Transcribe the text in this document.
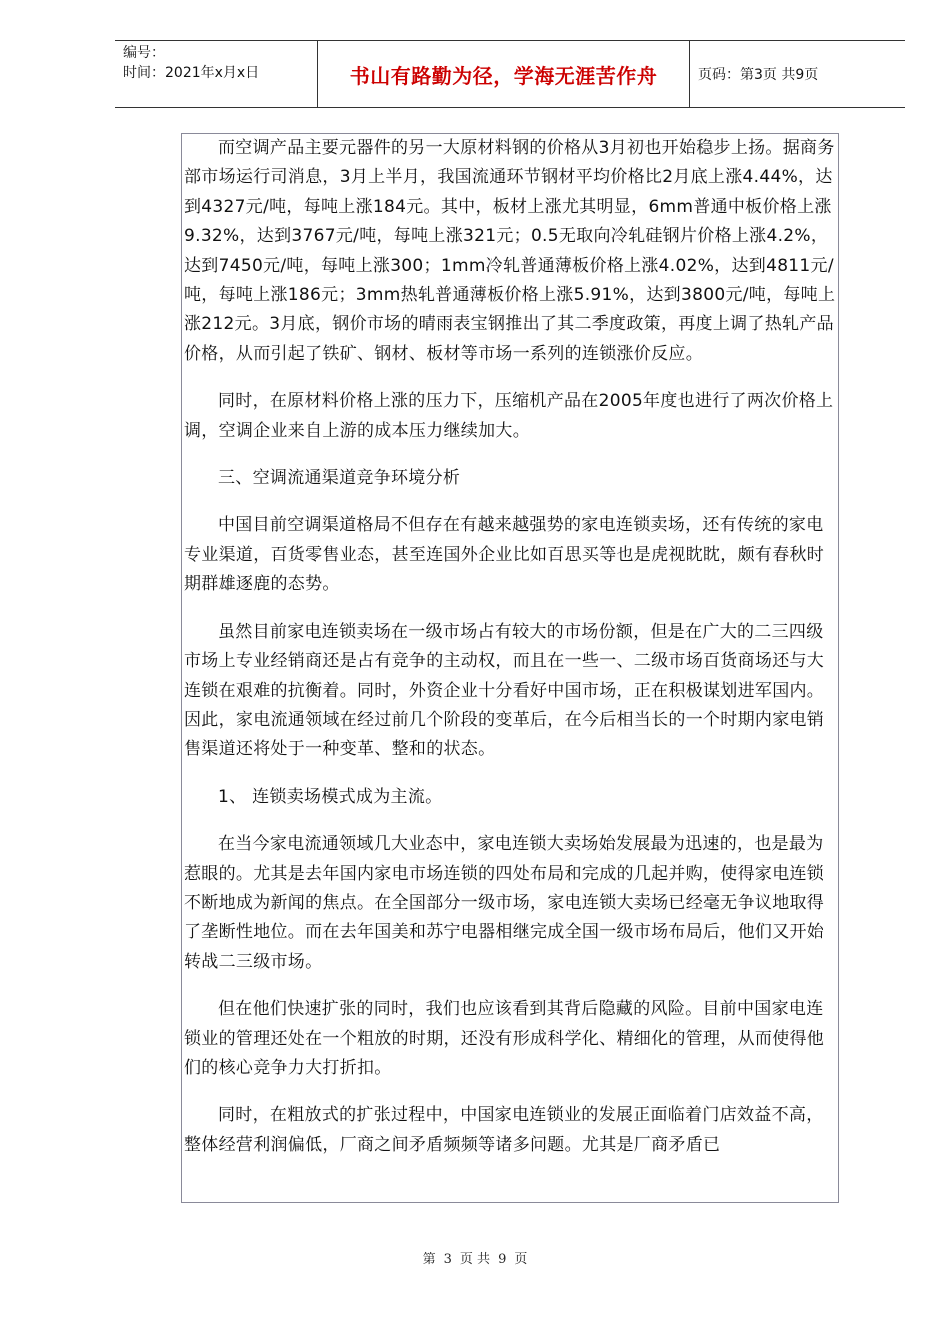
编号：
时间：2021年x月x日	书山有路勤为径，学海无涯苦作舟	页码：第3页 共9页

而空调产品主要元器件的另一大原材料钢的价格从3月初也开始稳步上扬。据商务部市场运行司消息，3月上半月，我国流通环节钢材平均价格比2月底上涨4.44%，达到4327元/吨，每吨上涨184元。其中，板材上涨尤其明显，6mm普通中板价格上涨9.32%，达到3767元/吨，每吨上涨321元；0.5无取向冷轧硅钢片价格上涨4.2%，达到7450元/吨，每吨上涨300；1mm冷轧普通薄板价格上涨4.02%，达到4811元/吨，每吨上涨186元；3mm热轧普通薄板价格上涨5.91%，达到3800元/吨，每吨上涨212元。3月底，钢价市场的晴雨表宝钢推出了其二季度政策，再度上调了热轧产品价格，从而引起了铁矿、钢材、板材等市场一系列的连锁涨价反应。

同时，在原材料价格上涨的压力下，压缩机产品在2005年度也进行了两次价格上调，空调企业来自上游的成本压力继续加大。

三、空调流通渠道竞争环境分析

中国目前空调渠道格局不但存在有越来越强势的家电连锁卖场，还有传统的家电专业渠道，百货零售业态，甚至连国外企业比如百思买等也是虎视眈眈，颇有春秋时期群雄逐鹿的态势。

虽然目前家电连锁卖场在一级市场占有较大的市场份额，但是在广大的二三四级市场上专业经销商还是占有竞争的主动权，而且在一些一、二级市场百货商场还与大连锁在艰难的抗衡着。同时，外资企业十分看好中国市场，正在积极谋划进军国内。因此，家电流通领域在经过前几个阶段的变革后，在今后相当长的一个时期内家电销售渠道还将处于一种变革、整和的状态。

1、 连锁卖场模式成为主流。

在当今家电流通领域几大业态中，家电连锁大卖场始发展最为迅速的，也是最为惹眼的。尤其是去年国内家电市场连锁的四处布局和完成的几起并购，使得家电连锁不断地成为新闻的焦点。在全国部分一级市场，家电连锁大卖场已经毫无争议地取得了垄断性地位。而在去年国美和苏宁电器相继完成全国一级市场布局后，他们又开始转战二三级市场。

但在他们快速扩张的同时，我们也应该看到其背后隐藏的风险。目前中国家电连锁业的管理还处在一个粗放的时期，还没有形成科学化、精细化的管理，从而使得他们的核心竞争力大打折扣。

同时，在粗放式的扩张过程中，中国家电连锁业的发展正面临着门店效益不高，整体经营利润偏低，厂商之间矛盾频频等诸多问题。尤其是厂商矛盾已

第 3 页 共 9 页
